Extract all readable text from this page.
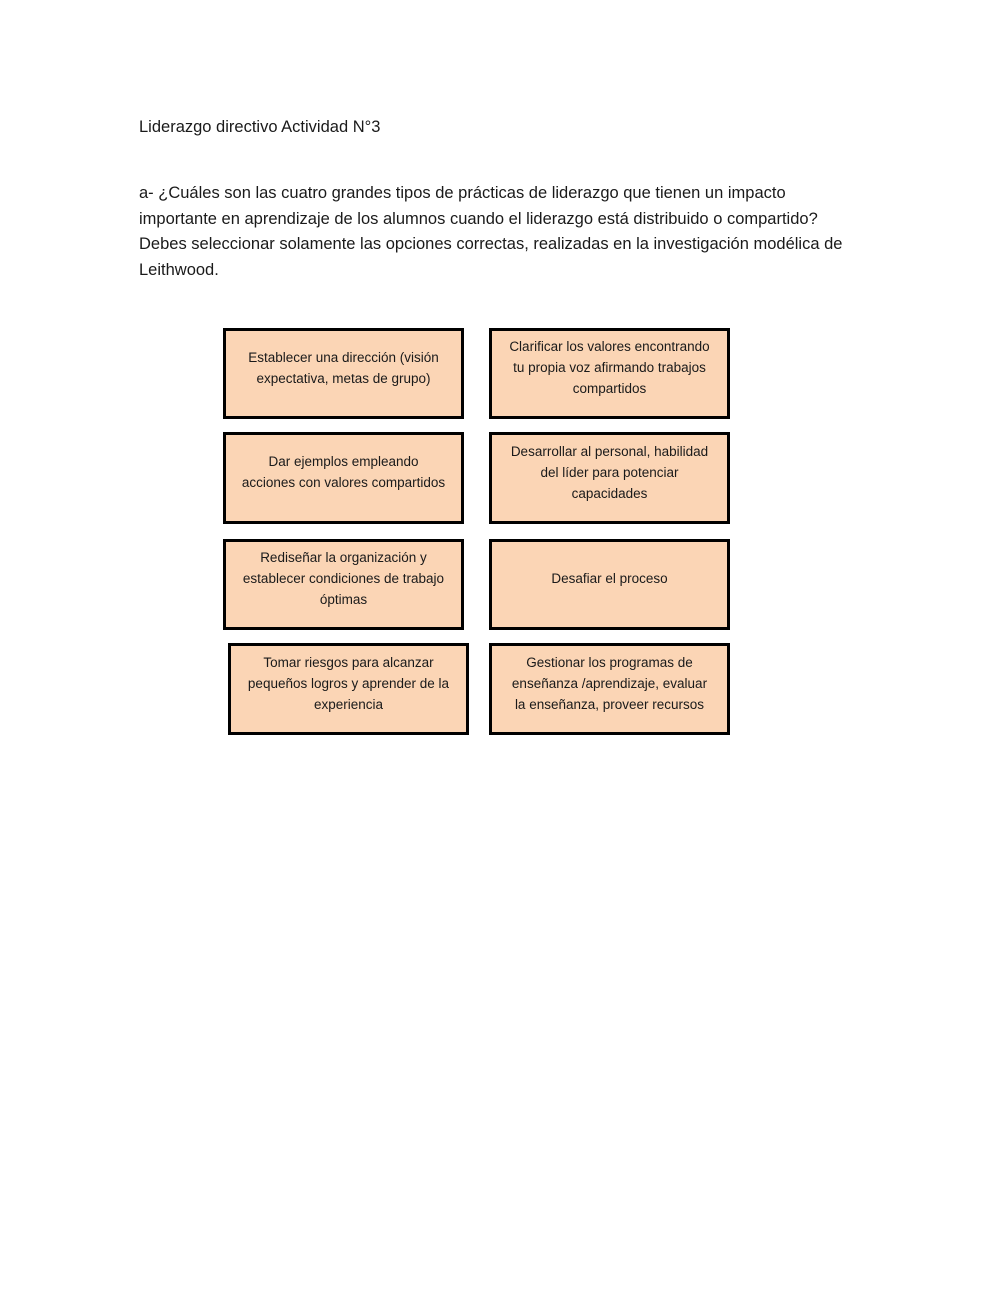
Liderazgo directivo Actividad N°3
a- ¿Cuáles son las cuatro grandes tipos de prácticas de liderazgo que tienen un impacto importante en aprendizaje de los alumnos cuando el liderazgo está distribuido o compartido? Debes seleccionar solamente las opciones correctas, realizadas en la investigación modélica de Leithwood.
Establecer una dirección (visión expectativa, metas de grupo)
Clarificar los valores encontrando tu propia voz afirmando trabajos compartidos
Dar ejemplos empleando acciones con valores compartidos
Desarrollar al personal, habilidad del líder para potenciar capacidades
Rediseñar la organización y establecer condiciones de trabajo óptimas
Desafiar el proceso
Tomar riesgos para alcanzar pequeños logros y aprender de la experiencia
Gestionar los programas de enseñanza /aprendizaje, evaluar la enseñanza, proveer recursos
